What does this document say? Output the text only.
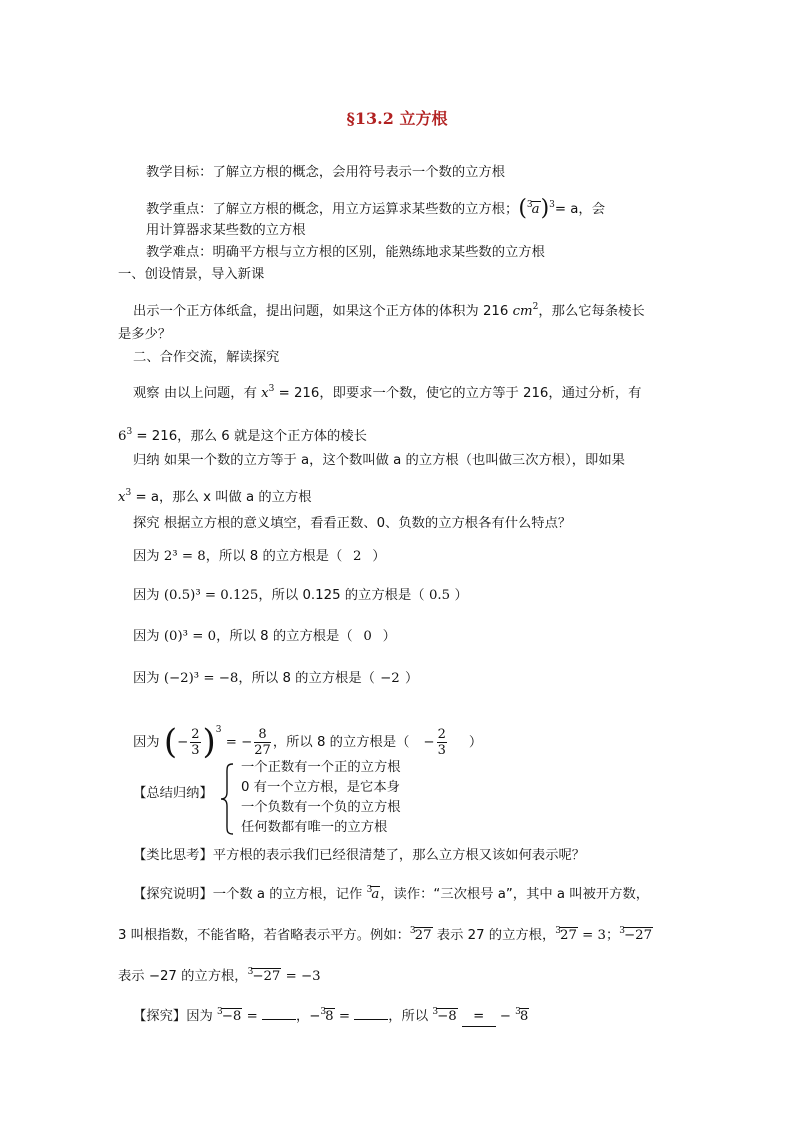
§13.2 立方根
教学目标：了解立方根的概念，会用符号表示一个数的立方根
教学重点：了解立方根的概念，用立方运算求某些数的立方根；$(^3a)^3= a$，会
用计算器求某些数的立方根
教学难点：明确平方根与立方根的区别，能熟练地求某些数的立方根
一、创设情景，导入新课
出示一个正方体纸盒，提出问题，如果这个正方体的体积为 216 $cm^2$，那么它每条棱长
是多少？
二、合作交流，解读探究
观察 由以上问题，有 $x^3 = 216$，即要求一个数，使它的立方等于 216，通过分析，有
$6^3 = 216$，那么 6 就是这个正方体的棱长
归纳 如果一个数的立方等于 a，这个数叫做 a 的立方根（也叫做三次方根），即如果
$x^3 = a$，那么 x 叫做 a 的立方根
探究 根据立方根的意义填空，看看正数、0、负数的立方根各有什么特点？
因为 2³ = 8，所以 8 的立方根是（ 2 ）
因为 (0.5)³ = 0.125，所以 0.125 的立方根是（ 0.5 ）
因为 (0)³ = 0，所以 8 的立方根是（ 0 ）
因为 (−2)³ = −8，所以 8 的立方根是（ −2 ）
因为 (− $\frac{2}{3} )^3$ = − $\frac{8}{27}$ ，所以 8 的立方根是（ − $\frac{2}{3}$ ）
【总结归纳】
一个正数有一个正的立方根
0 有一个立方根，是它本身
一个负数有一个负的立方根
任何数都有唯一的立方根
【类比思考】平方根的表示我们已经很清楚了，那么立方根又该如何表示呢？
【探究说明】一个数 a 的立方根，记作 $^3$a，读作：“三次根号 a”，其中 a 叫被开方数，
3 叫根指数，不能省略，若省略表示平方。例如：$^3$27 表示 27 的立方根，$^3$27 = 3；$^3$−27
表示 −27 的立方根，$^3$−27 = −3
【探究】因为 $^3$−8 =	，−$^3$8 =	，所以 $^3$−8 = − $^3$8
